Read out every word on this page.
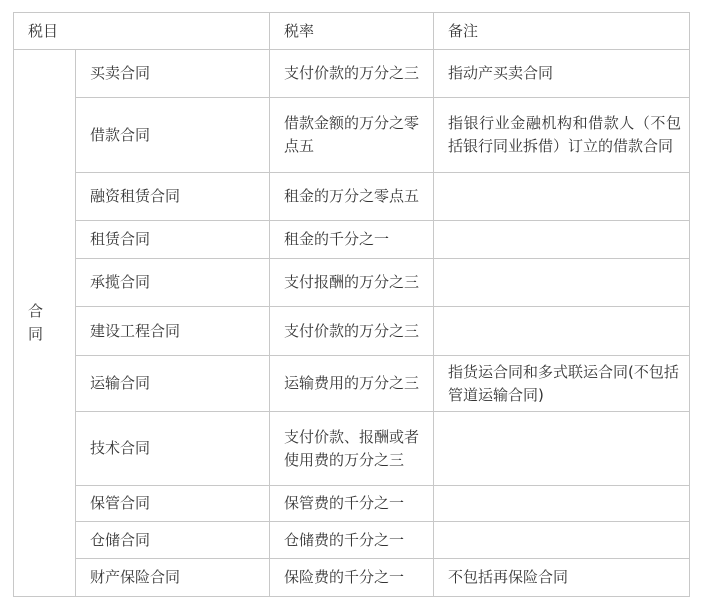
税目		税率	备注

合同	买卖合同	支付价款的万分之三	指动产买卖合同
	借款合同	借款金额的万分之零点五	指银行业金融机构和借款人（不包括银行同业拆借）订立的借款合同
	融资租赁合同	租金的万分之零点五	
	租赁合同	租金的千分之一	
	承揽合同	支付报酬的万分之三	
	建设工程合同	支付价款的万分之三	
	运输合同	运输费用的万分之三	指货运合同和多式联运合同(不包括管道运输合同)
	技术合同	支付价款、报酬或者使用费的万分之三	
	保管合同	保管费的千分之一	
	仓储合同	仓储费的千分之一	
	财产保险合同	保险费的千分之一	不包括再保险合同
